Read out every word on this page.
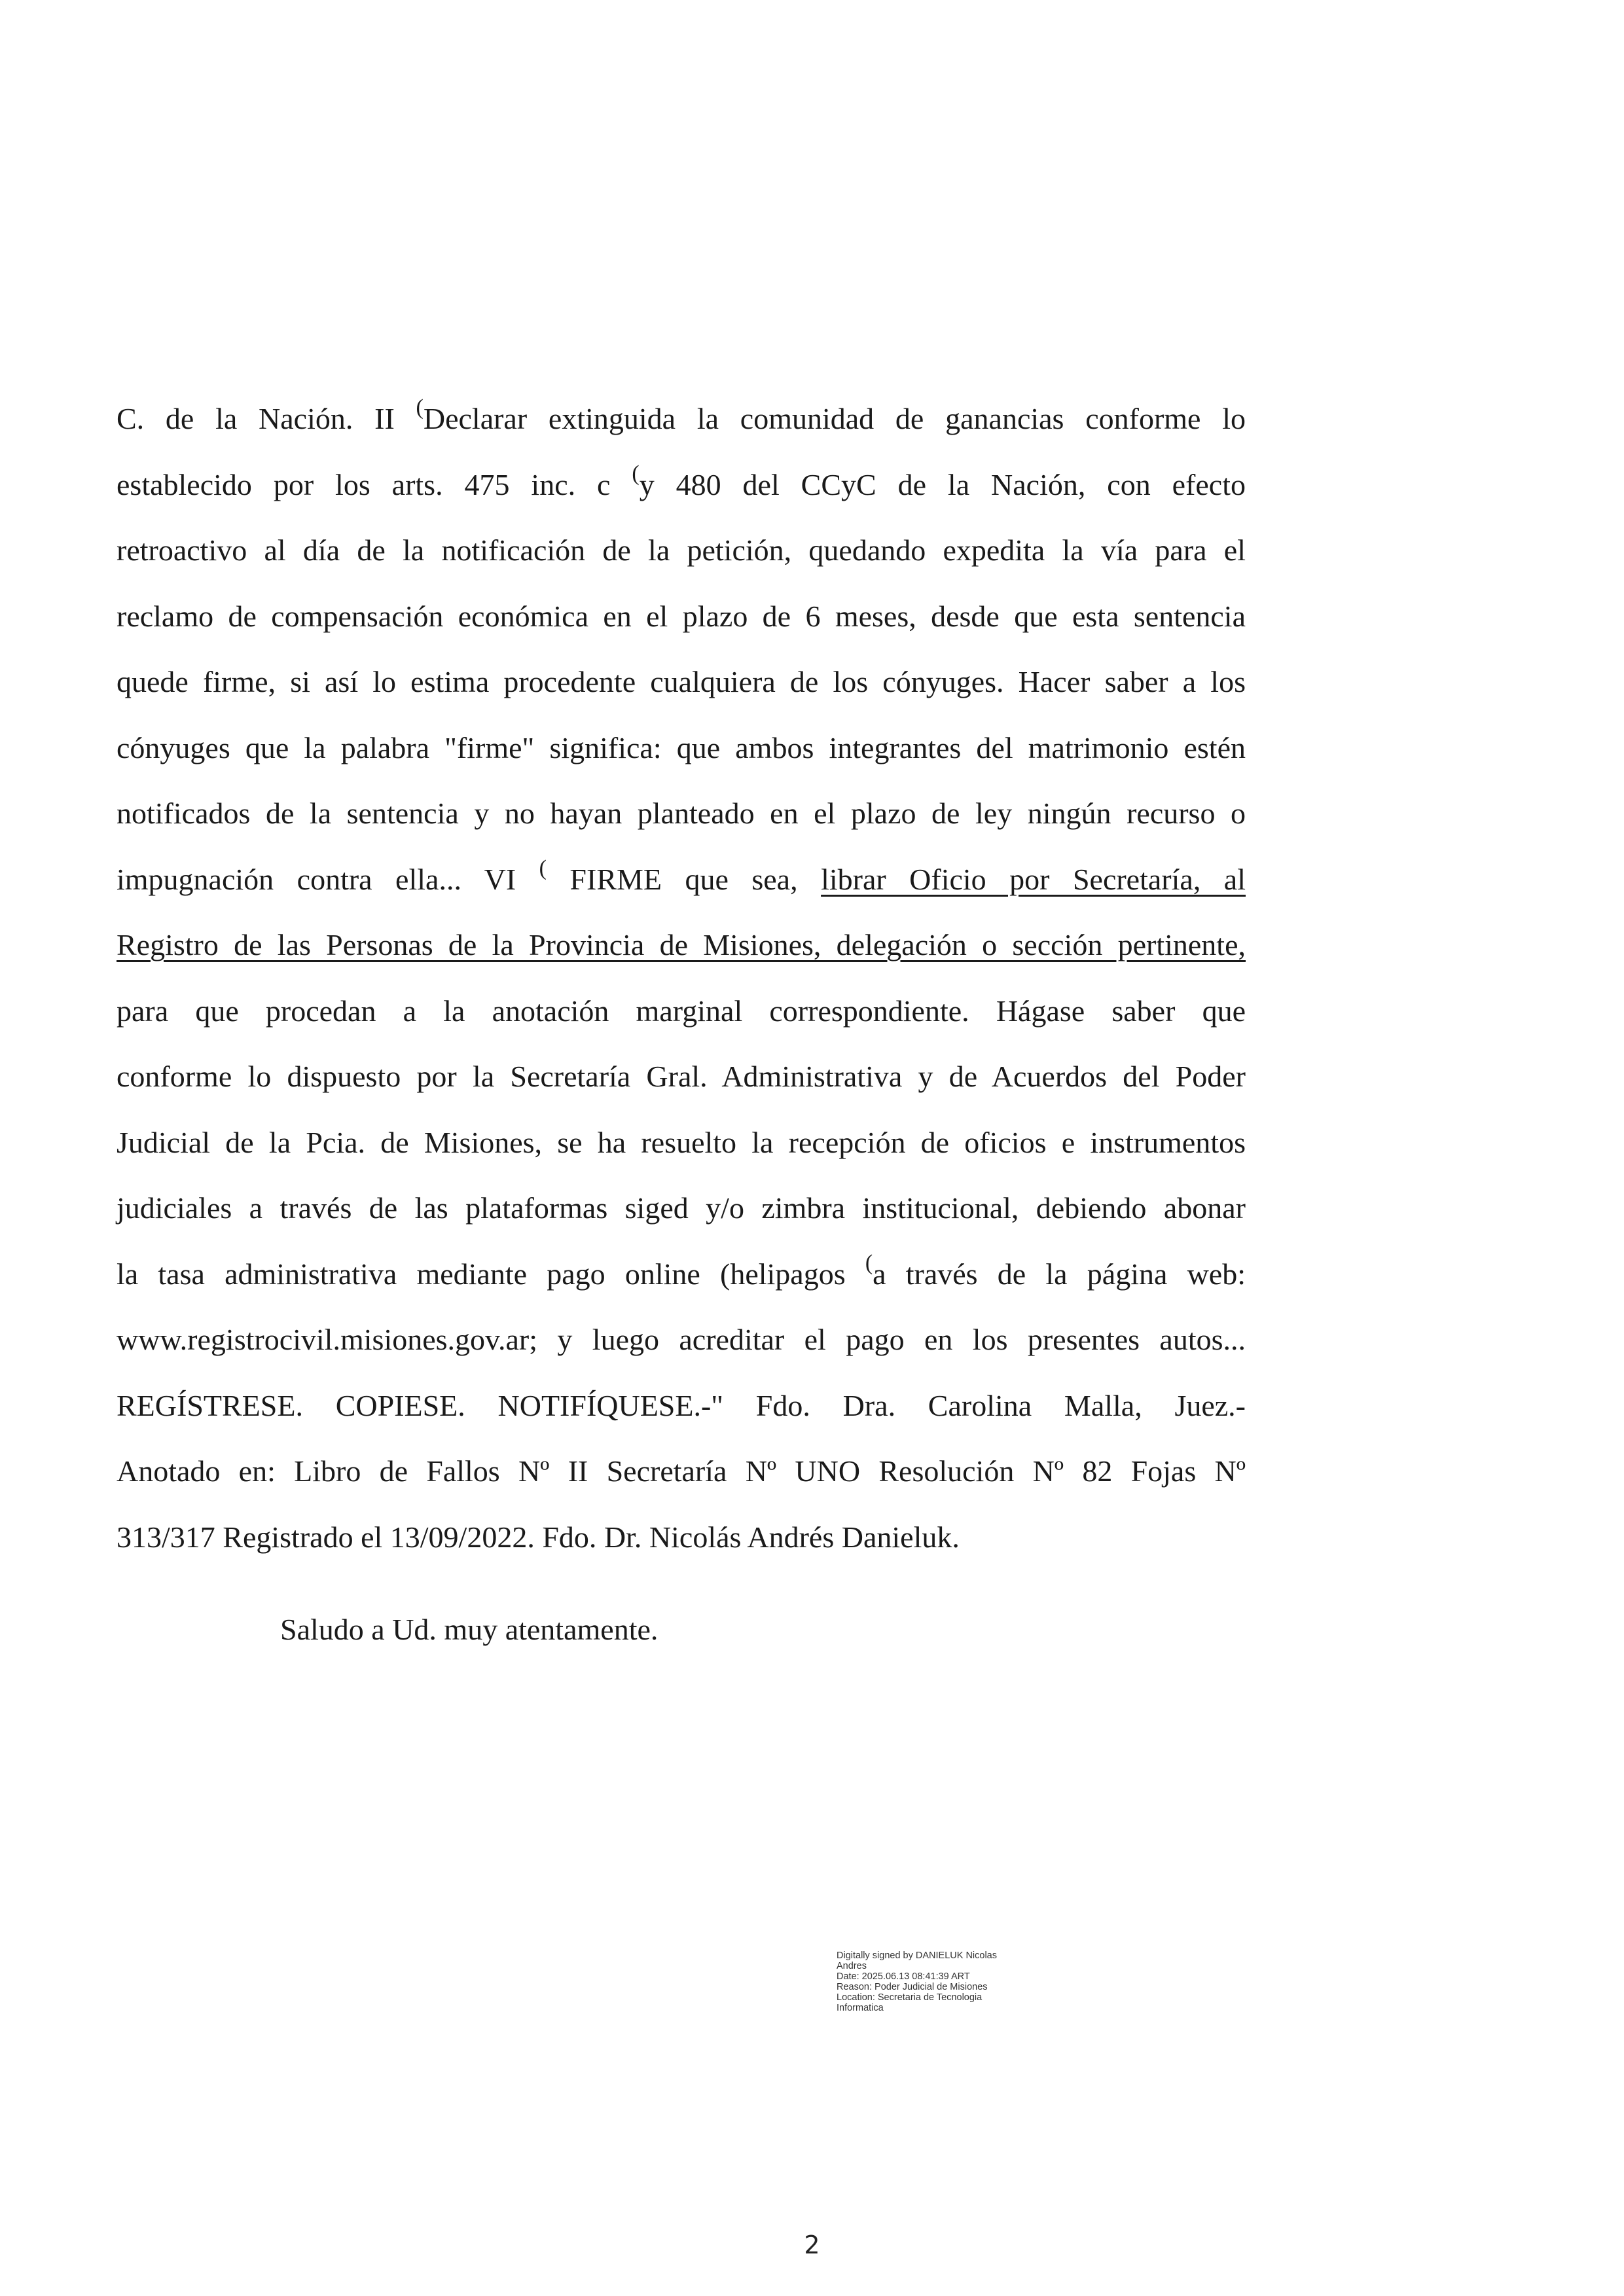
C. de la Nación. II (Declarar extinguida la comunidad de ganancias conforme lo
establecido por los arts. 475 inc. c (y 480 del CCyC de la Nación, con efecto
retroactivo al día de la notificación de la petición, quedando expedita la vía para el
reclamo de compensación económica en el plazo de 6 meses, desde que esta sentencia
quede firme, si así lo estima procedente cualquiera de los cónyuges. Hacer saber a los
cónyuges que la palabra "firme" significa: que ambos integrantes del matrimonio estén
notificados de la sentencia y no hayan planteado en el plazo de ley ningún recurso o
impugnación contra ella... VI ( FIRME que sea, librar Oficio por Secretaría, al
Registro de las Personas de la Provincia de Misiones, delegación o sección pertinente,
para que procedan a la anotación marginal correspondiente. Hágase saber que
conforme lo dispuesto por la Secretaría Gral. Administrativa y de Acuerdos del Poder
Judicial de la Pcia. de Misiones, se ha resuelto la recepción de oficios e instrumentos
judiciales a través de las plataformas siged y/o zimbra institucional, debiendo abonar
la tasa administrativa mediante pago online (helipagos (a través de la página web:
www.registrocivil.misiones.gov.ar; y luego acreditar el pago en los presentes autos...
REGÍSTRESE. COPIESE. NOTIFÍQUESE.-" Fdo. Dra. Carolina Malla, Juez.-
Anotado en: Libro de Fallos Nº II Secretaría Nº UNO Resolución Nº 82 Fojas Nº
313/317 Registrado el 13/09/2022. Fdo. Dr. Nicolás Andrés Danieluk.
Saludo a Ud. muy atentamente.
Digitally signed by DANIELUK Nicolas
Andres
Date: 2025.06.13 08:41:39 ART
Reason: Poder Judicial de Misiones
Location: Secretaria de Tecnologia
Informatica
2
